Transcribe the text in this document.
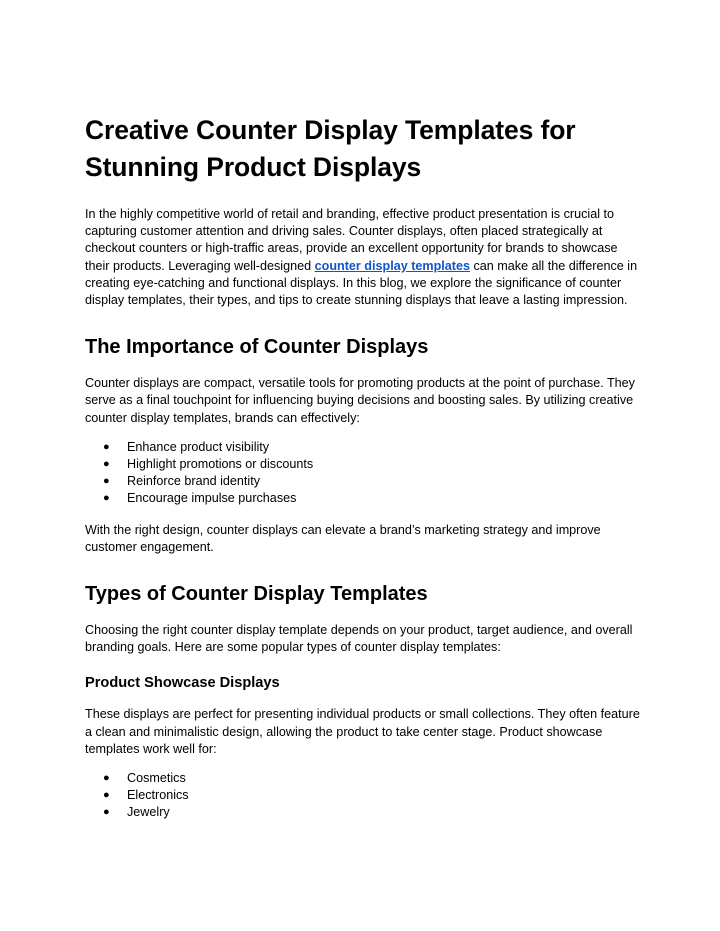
Creative Counter Display Templates for Stunning Product Displays

In the highly competitive world of retail and branding, effective product presentation is crucial to capturing customer attention and driving sales. Counter displays, often placed strategically at checkout counters or high-traffic areas, provide an excellent opportunity for brands to showcase their products. Leveraging well-designed counter display templates can make all the difference in creating eye-catching and functional displays. In this blog, we explore the significance of counter display templates, their types, and tips to create stunning displays that leave a lasting impression.

The Importance of Counter Displays

Counter displays are compact, versatile tools for promoting products at the point of purchase. They serve as a final touchpoint for influencing buying decisions and boosting sales. By utilizing creative counter display templates, brands can effectively:

● Enhance product visibility
● Highlight promotions or discounts
● Reinforce brand identity
● Encourage impulse purchases

With the right design, counter displays can elevate a brand’s marketing strategy and improve customer engagement.

Types of Counter Display Templates

Choosing the right counter display template depends on your product, target audience, and overall branding goals. Here are some popular types of counter display templates:

Product Showcase Displays

These displays are perfect for presenting individual products or small collections. They often feature a clean and minimalistic design, allowing the product to take center stage. Product showcase templates work well for:

● Cosmetics
● Electronics
● Jewelry
